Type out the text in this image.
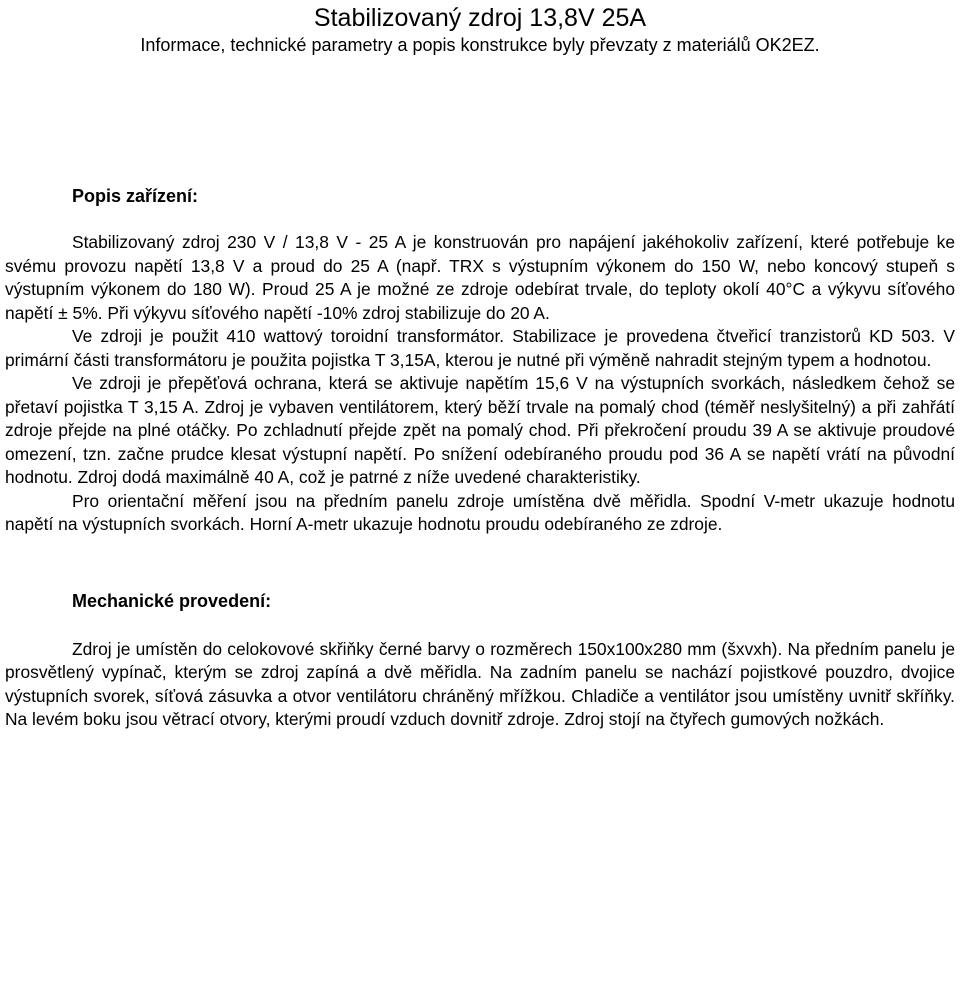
Stabilizovaný zdroj 13,8V 25A

Informace, technické parametry a popis konstrukce byly převzaty z materiálů OK2EZ.

Popis zařízení:

Stabilizovaný zdroj 230 V / 13,8 V - 25 A je konstruován pro napájení jakéhokoliv zařízení, které potřebuje ke svému provozu napětí 13,8 V a proud do 25 A (např. TRX s výstupním výkonem do 150 W, nebo koncový stupeň s výstupním výkonem do 180 W). Proud 25 A je možné ze zdroje odebírat trvale, do teploty okolí 40°C a výkyvu síťového napětí ± 5%. Při výkyvu síťového napětí -10% zdroj stabilizuje do 20 A.

Ve zdroji je použit 410 wattový toroidní transformátor. Stabilizace je provedena čtveřicí tranzistorů KD 503. V primární části transformátoru je použita pojistka T 3,15A, kterou je nutné při výměně nahradit stejným typem a hodnotou.

Ve zdroji je přepěťová ochrana, která se aktivuje napětím 15,6 V na výstupních svorkách, následkem čehož se přetaví pojistka T 3,15 A. Zdroj je vybaven ventilátorem, který běží trvale na pomalý chod (téměř neslyšitelný) a při zahřátí zdroje přejde na plné otáčky. Po zchladnutí přejde zpět na pomalý chod. Při překročení proudu 39 A se aktivuje proudové omezení, tzn. začne prudce klesat výstupní napětí. Po snížení odebíraného proudu pod 36 A se napětí vrátí na původní hodnotu. Zdroj dodá maximálně 40 A, což je patrné z níže uvedené charakteristiky.

Pro orientační měření jsou na předním panelu zdroje umístěna dvě měřidla. Spodní V-metr ukazuje hodnotu napětí na výstupních svorkách. Horní A-metr ukazuje hodnotu proudu odebíraného ze zdroje.

Mechanické provedení:

Zdroj je umístěn do celokovové skřiňky černé barvy o rozměrech 150x100x280 mm (šxvxh). Na předním panelu je prosvětlený vypínač, kterým se zdroj zapíná a dvě měřidla. Na zadním panelu se nachází pojistkové pouzdro, dvojice výstupních svorek, síťová zásuvka a otvor ventilátoru chráněný mřížkou. Chladiče a ventilátor jsou umístěny uvnitř skříňky. Na levém boku jsou větrací otvory, kterými proudí vzduch dovnitř zdroje. Zdroj stojí na čtyřech gumových nožkách.
